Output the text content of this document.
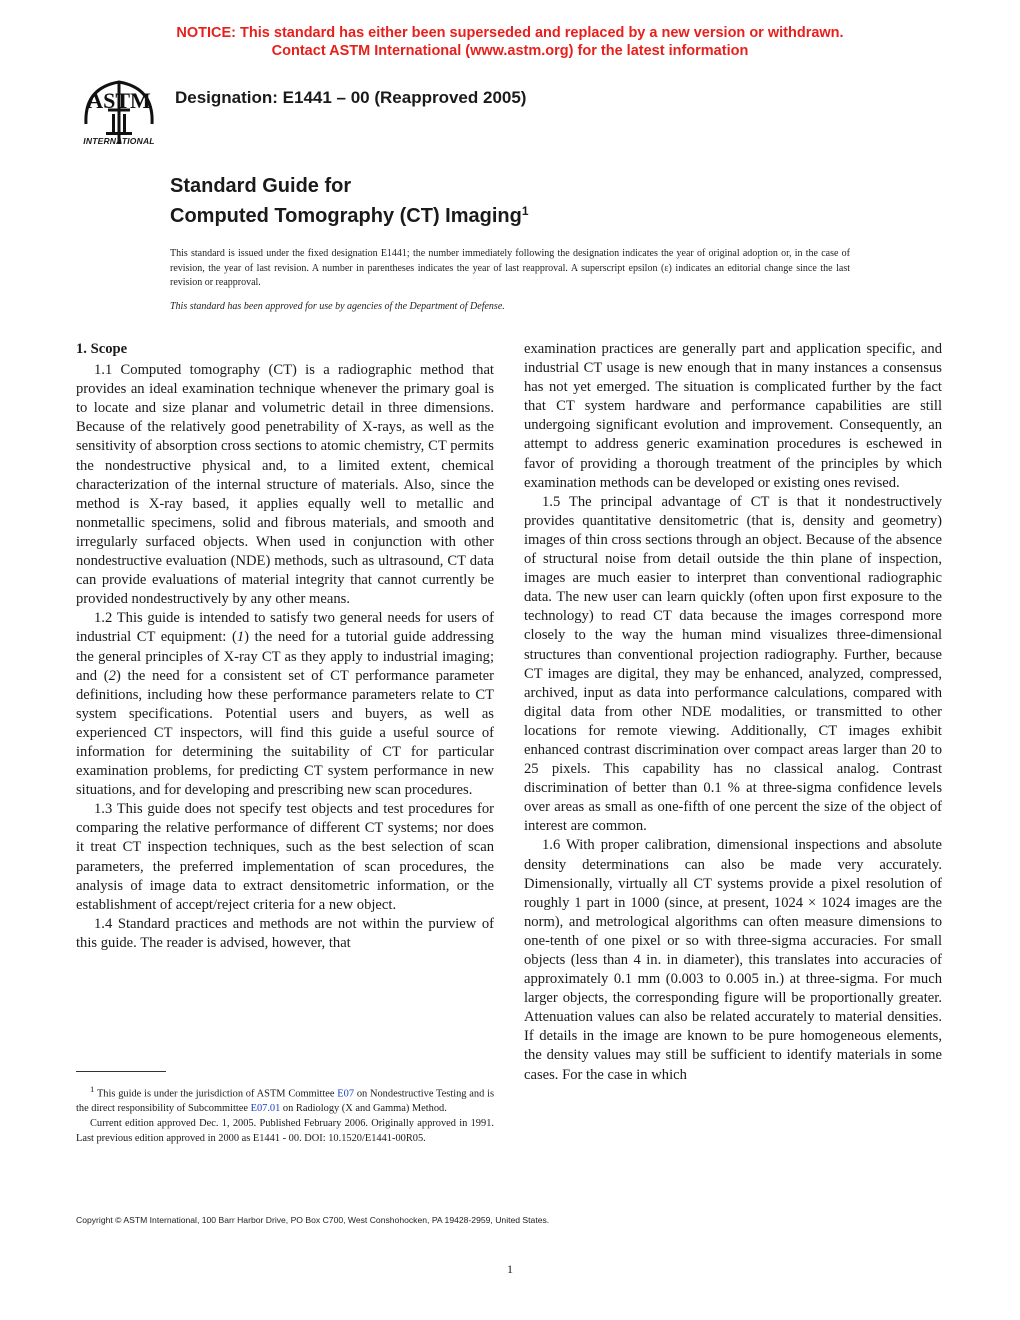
NOTICE: This standard has either been superseded and replaced by a new version or withdrawn.
Contact ASTM International (www.astm.org) for the latest information
ASTM
INTERNATIONAL
Designation: E1441 – 00 (Reapproved 2005)
Standard Guide for
Computed Tomography (CT) Imaging$^1$
This standard is issued under the fixed designation E1441; the number immediately following the designation indicates the year of original adoption or, in the case of revision, the year of last revision. A number in parentheses indicates the year of last reapproval. A superscript epsilon (ε) indicates an editorial change since the last revision or reapproval.
This standard has been approved for use by agencies of the Department of Defense.
1. Scope

1.1 Computed tomography (CT) is a radiographic method that provides an ideal examination technique whenever the primary goal is to locate and size planar and volumetric detail in three dimensions. Because of the relatively good penetrability of X-rays, as well as the sensitivity of absorption cross sections to atomic chemistry, CT permits the nondestructive physical and, to a limited extent, chemical characterization of the internal structure of materials. Also, since the method is X-ray based, it applies equally well to metallic and nonmetallic specimens, solid and fibrous materials, and smooth and irregularly surfaced objects. When used in conjunction with other nondestructive evaluation (NDE) methods, such as ultrasound, CT data can provide evaluations of material integrity that cannot currently be provided nondestructively by any other means.

1.2 This guide is intended to satisfy two general needs for users of industrial CT equipment: (1) the need for a tutorial guide addressing the general principles of X-ray CT as they apply to industrial imaging; and (2) the need for a consistent set of CT performance parameter definitions, including how these performance parameters relate to CT system specifications. Potential users and buyers, as well as experienced CT inspectors, will find this guide a useful source of information for determining the suitability of CT for particular examination problems, for predicting CT system performance in new situations, and for developing and prescribing new scan procedures.

1.3 This guide does not specify test objects and test procedures for comparing the relative performance of different CT systems; nor does it treat CT inspection techniques, such as the best selection of scan parameters, the preferred implementation of scan procedures, the analysis of image data to extract densitometric information, or the establishment of accept/reject criteria for a new object.

1.4 Standard practices and methods are not within the purview of this guide. The reader is advised, however, that

examination practices are generally part and application specific, and industrial CT usage is new enough that in many instances a consensus has not yet emerged. The situation is complicated further by the fact that CT system hardware and performance capabilities are still undergoing significant evolution and improvement. Consequently, an attempt to address generic examination procedures is eschewed in favor of providing a thorough treatment of the principles by which examination methods can be developed or existing ones revised.

1.5 The principal advantage of CT is that it nondestructively provides quantitative densitometric (that is, density and geometry) images of thin cross sections through an object. Because of the absence of structural noise from detail outside the thin plane of inspection, images are much easier to interpret than conventional radiographic data. The new user can learn quickly (often upon first exposure to the technology) to read CT data because the images correspond more closely to the way the human mind visualizes three-dimensional structures than conventional projection radiography. Further, because CT images are digital, they may be enhanced, analyzed, compressed, archived, input as data into performance calculations, compared with digital data from other NDE modalities, or transmitted to other locations for remote viewing. Additionally, CT images exhibit enhanced contrast discrimination over compact areas larger than 20 to 25 pixels. This capability has no classical analog. Contrast discrimination of better than 0.1 % at three-sigma confidence levels over areas as small as one-fifth of one percent the size of the object of interest are common.

1.6 With proper calibration, dimensional inspections and absolute density determinations can also be made very accurately. Dimensionally, virtually all CT systems provide a pixel resolution of roughly 1 part in 1000 (since, at present, 1024 × 1024 images are the norm), and metrological algorithms can often measure dimensions to one-tenth of one pixel or so with three-sigma accuracies. For small objects (less than 4 in. in diameter), this translates into accuracies of approximately 0.1 mm (0.003 to 0.005 in.) at three-sigma. For much larger objects, the corresponding figure will be proportionally greater. Attenuation values can also be related accurately to material densities. If details in the image are known to be pure homogeneous elements, the density values may still be sufficient to identify materials in some cases. For the case in which

$^1$ This guide is under the jurisdiction of ASTM Committee E07 on Nondestructive Testing and is the direct responsibility of Subcommittee E07.01 on Radiology (X and Gamma) Method.

Current edition approved Dec. 1, 2005. Published February 2006. Originally approved in 1991. Last previous edition approved in 2000 as E1441 - 00. DOI: 10.1520/E1441-00R05.

Copyright © ASTM International, 100 Barr Harbor Drive, PO Box C700, West Conshohocken, PA 19428-2959, United States.
1
